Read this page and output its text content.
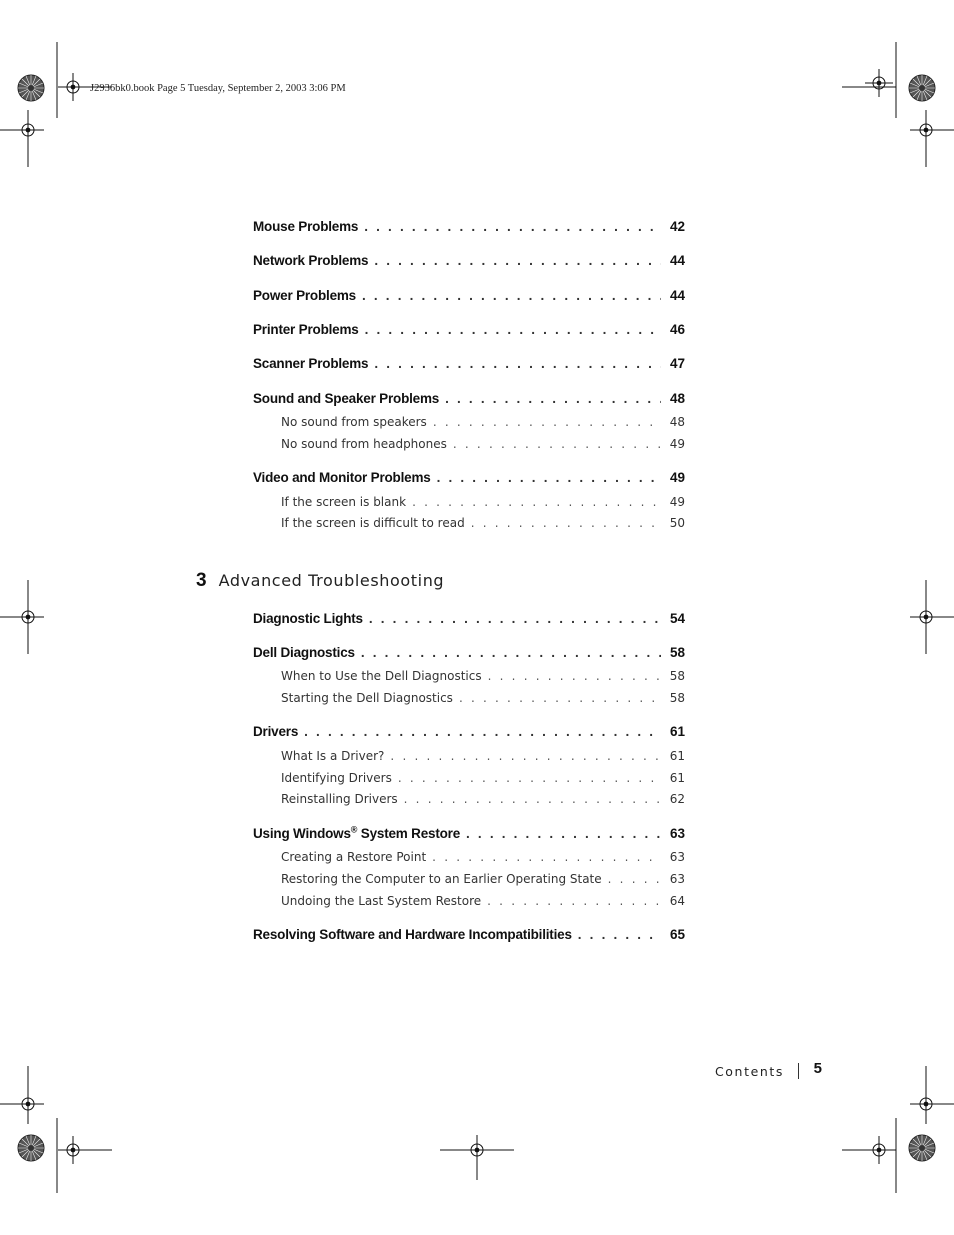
J2936bk0.book Page 5 Tuesday, September 2, 2003 3:06 PM
Mouse Problems . . .	42
Network Problems . . .	44
Power Problems . . .	44
Printer Problems . . .	46
Scanner Problems . . .	47
Sound and Speaker Problems . . .	48
No sound from speakers . . .	48
No sound from headphones . . .	49
Video and Monitor Problems . . .	49
If the screen is blank . . .	49
If the screen is difficult to read . . .	50
3 Advanced Troubleshooting
Diagnostic Lights . . .	54
Dell Diagnostics . . .	58
When to Use the Dell Diagnostics . . .	58
Starting the Dell Diagnostics . . .	58
Drivers . . .	61
What Is a Driver? . . .	61
Identifying Drivers . . .	61
Reinstalling Drivers . . .	62
Using Windows® System Restore . . .	63
Creating a Restore Point . . .	63
Restoring the Computer to an Earlier Operating State . . .	63
Undoing the Last System Restore . . .	64
Resolving Software and Hardware Incompatibilities . . .	65
Contents 5
